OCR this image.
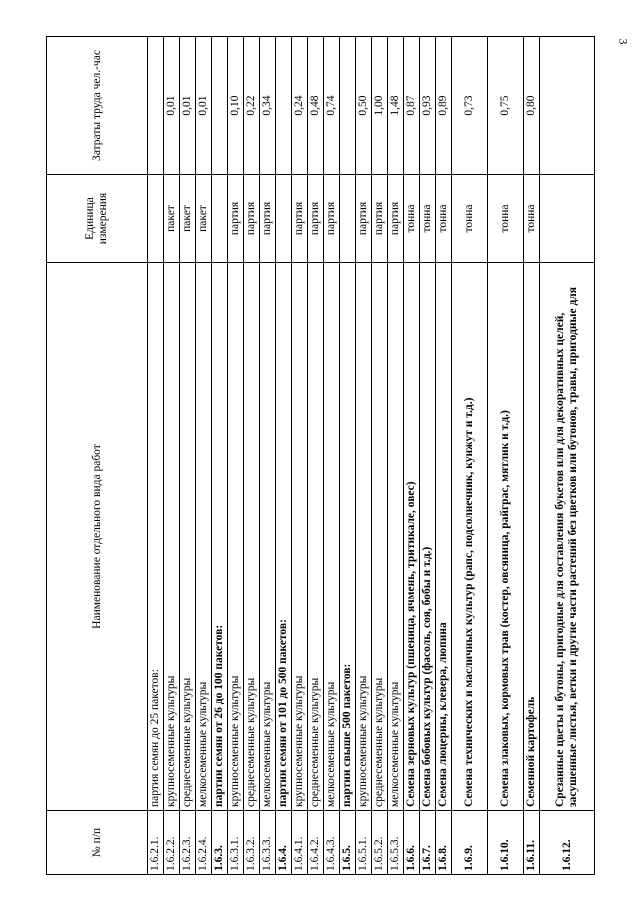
3
№ п/п	Наименование отдельного вида работ	Единица измерения	Затраты труда чел.-час
1.6.2.1.	партия семян до 25 пакетов:		
1.6.2.2.	крупносеменные культуры	пакет	0,01
1.6.2.3.	среднесеменные культуры	пакет	0,01
1.6.2.4.	мелкосеменные культуры	пакет	0,01
1.6.3.	партии семян от 26 до 100 пакетов:		
1.6.3.1.	крупносеменные культуры	партия	0,10
1.6.3.2.	среднесеменные культуры	партия	0,22
1.6.3.3.	мелкосеменные культуры	партия	0,34
1.6.4.	партии семян от 101 до 500 пакетов:		
1.6.4.1.	крупносеменные культуры	партия	0,24
1.6.4.2.	среднесеменные культуры	партия	0,48
1.6.4.3.	мелкосеменные культуры	партия	0,74
1.6.5.	партии свыше 500 пакетов:		
1.6.5.1.	крупносеменные культуры	партия	0,50
1.6.5.2.	среднесеменные культуры	партия	1,00
1.6.5.3.	мелкосеменные культуры	партия	1,48
1.6.6.	Семена зерновых культур (пшеница, ячмень, тритикале, овес)	тонна	0,87
1.6.7.	Семена бобовых культур (фасоль, соя, бобы и т.д.)	тонна	0,93
1.6.8.	Семена люцерны, клевера, люпина	тонна	0,89
1.6.9.	Семена технических и масличных культур (рапс, подсолнечник, кунжут и т.д.)	тонна	0,73
1.6.10.	Семена злаковых, кормовых трав (костер, овсяница, райграс, мятлик и т.д.)	тонна	0,75
1.6.11.	Семенной картофель	тонна	0,80
1.6.12.	Срезанные цветы и бутоны, пригодные для составления букетов или для декоративных целей, засушенные листья, ветки и другие части растений без цветков или бутонов, травы, пригодные для		
